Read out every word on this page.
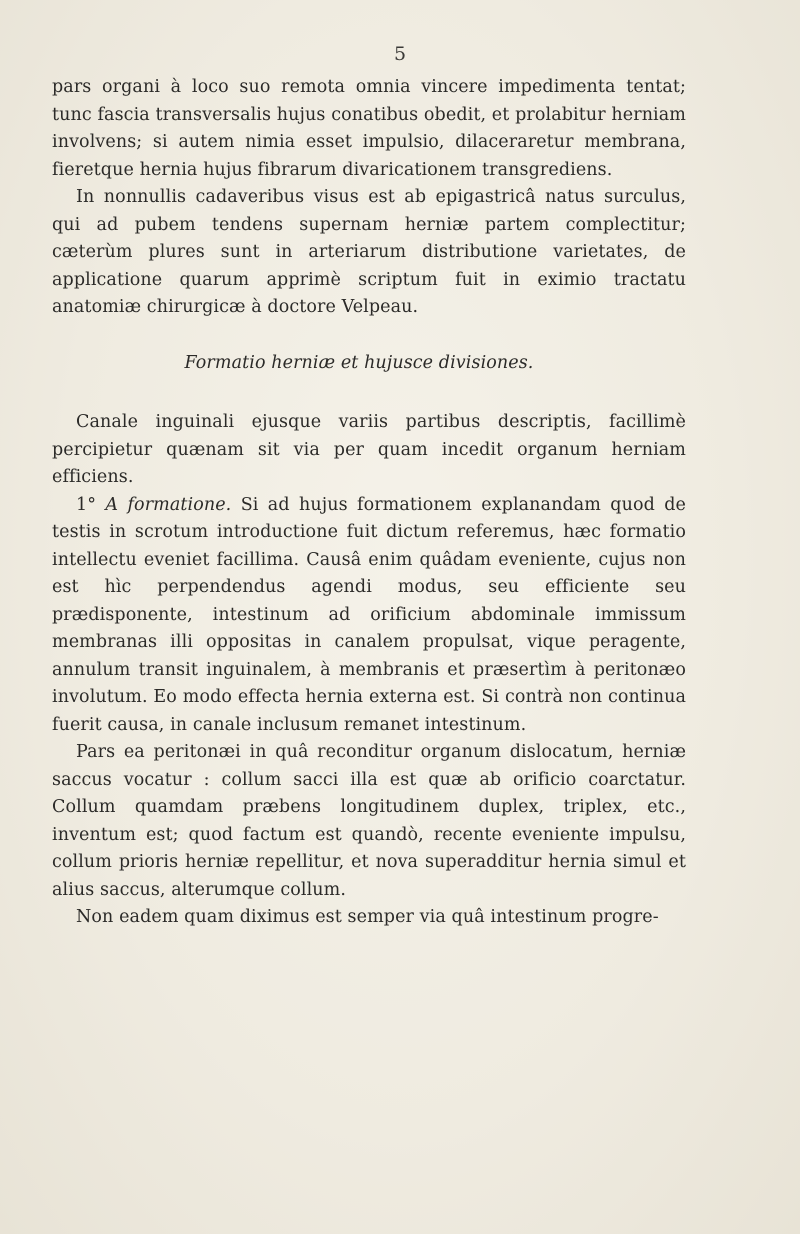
5

pars organi à loco suo remota omnia vincere impedimenta tentat; tunc fascia transversalis hujus conatibus obedit, et prolabitur herniam involvens; si autem nimia esset impulsio, dilaceraretur membrana, fieretque hernia hujus fibrarum divaricationem transgrediens.

In nonnullis cadaveribus visus est ab epigastricâ natus surculus, qui ad pubem tendens supernam herniæ partem complectitur; cæterùm plures sunt in arteriarum distributione varietates, de applicatione quarum apprimè scriptum fuit in eximio tractatu anatomiæ chirurgicæ à doctore Velpeau.

Formatio herniæ et hujusce divisiones.

Canale inguinali ejusque variis partibus descriptis, facillimè percipietur quænam sit via per quam incedit organum herniam efficiens.

1° A formatione. Si ad hujus formationem explanandam quod de testis in scrotum introductione fuit dictum referemus, hæc formatio intellectu eveniet facillima. Causâ enim quâdam eveniente, cujus non est hìc perpendendus agendi modus, seu efficiente seu prædisponente, intestinum ad orificium abdominale immissum membranas illi oppositas in canalem propulsat, vique peragente, annulum transit inguinalem, à membranis et præsertìm à peritonæo involutum. Eo modo effecta hernia externa est. Si contrà non continua fuerit causa, in canale inclusum remanet intestinum.

Pars ea peritonæi in quâ reconditur organum dislocatum, herniæ saccus vocatur : collum sacci illa est quæ ab orificio coarctatur. Collum quamdam præbens longitudinem duplex, triplex, etc., inventum est; quod factum est quandò, recente eveniente impulsu, collum prioris herniæ repellitur, et nova superadditur hernia simul et alius saccus, alterumque collum.

Non eadem quam diximus est semper via quâ intestinum progre-
